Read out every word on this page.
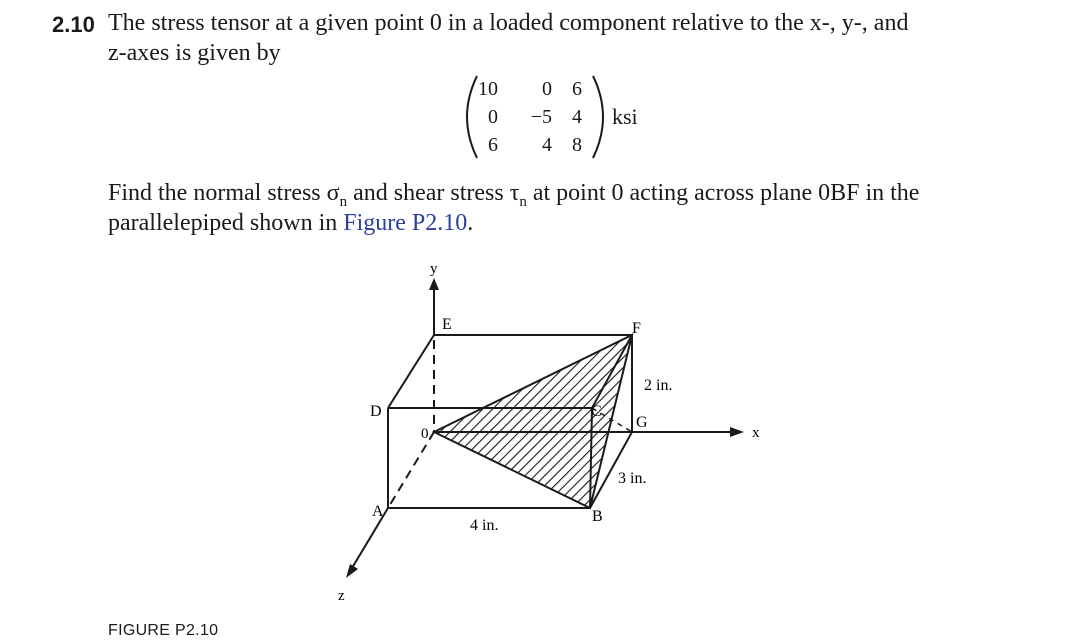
2.10 The stress tensor at a given point 0 in a loaded component relative to the x-, y-, and
z-axes is given by
10	0	6
0	−5	4
6	4	8
ksi
Find the normal stress $\sigma_n$ and shear stress $\tau_n$ at point 0 acting across plane 0BF in the
parallelepiped shown in Figure P2.10.
y
x
z
E	F
D	C
G
0
A	B
4 in.
2 in.
3 in.
FIGURE P2.10
